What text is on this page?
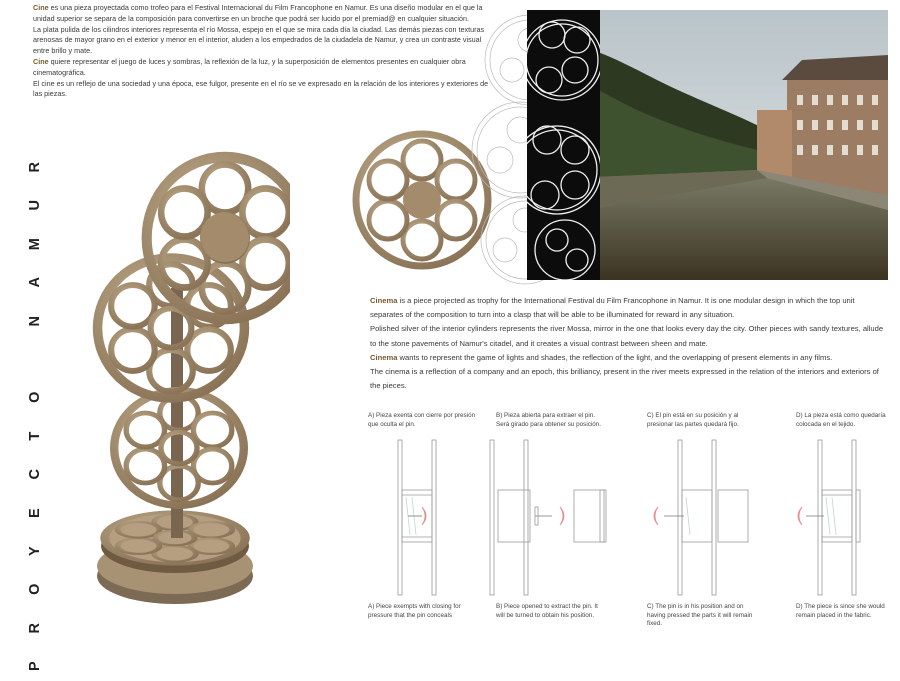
Cine es una pieza proyectada como trofeo para el Festival Internacional du Film Francophone en Namur. Es una diseño modular en el que la unidad superior se separa de la composición para convertirse en un broche que podrá ser lucido por el premiad@ en cualquier situación.

La plata pulida de los cilindros interiores representa el río Mossa, espejo en el que se mira cada día la ciudad. Las demás piezas con texturas arenosas de mayor grano en el exterior y menor en el interior, aluden a los empedrados de la ciudadela de Namur, y crea un contraste visual entre brillo y mate.

Cine quiere representar el juego de luces y sombras, la reflexión de la luz, y la superposición de elementos presentes en cualquier obra cinematográfica.

El cine es un reflejo de una sociedad y una época, ese fulgor, presente en el río se ve expresado en la relación de los interiores y exteriores de las piezas.

R
U
M
A
N
O
T
C
E
Y
O
R
P

Cinema is a piece projected as trophy for the International Festival du Film Francophone in Namur. It is one modular design in which the top unit separates of the composition to turn into a clasp that will be able to be illuminated for reward in any situation.

Polished silver of the interior cylinders represents the river Mossa, mirror in the one that looks every day the city. Other pieces with sandy textures, allude to the stone pavements of Namur's citadel, and it creates a visual contrast between sheen and mate.

Cinema wants to represent the game of lights and shades, the reflection of the light, and the overlapping of present elements in any films.

The cinema is a reflection of a company and an epoch, this brilliancy, present in the river meets expressed in the relation of the interiors and exteriors of the pieces.

A) Pieza exenta con cierre por presión que oculta el pin.
B) Pieza abierta para extraer el pin. Será girado para obtener su posición.
C) El pin está en su posición y al presionar las partes quedará fijo.
D) La pieza está como quedaría colocada en el tejido.
A) Piece exempts with closing for pressure that the pin conceals
B) Piece opened to extract the pin. It will be turned to obtain his position.
C) The pin is in his position and on having pressed the parts it will remain fixed.
D) The piece is since she would remain placed in the fabric.
